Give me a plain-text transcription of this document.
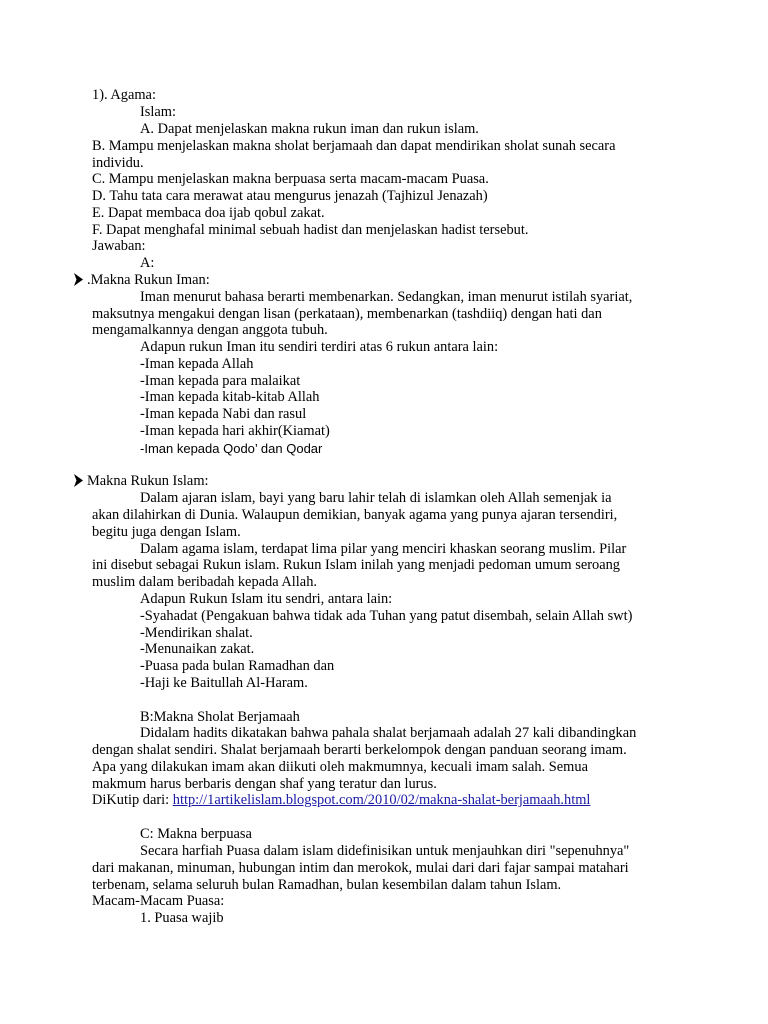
1). Agama:
Islam:
A. Dapat menjelaskan makna rukun iman dan rukun islam.
B. Mampu menjelaskan makna sholat berjamaah dan dapat mendirikan sholat sunah secara
individu.
C. Mampu menjelaskan makna berpuasa serta macam-macam Puasa.
D. Tahu tata cara merawat atau mengurus jenazah (Tajhizul Jenazah)
E. Dapat membaca doa ijab qobul zakat.
F. Dapat menghafal minimal sebuah hadist dan menjelaskan hadist tersebut.
Jawaban:
A:
.Makna Rukun Iman:
Iman menurut bahasa berarti membenarkan. Sedangkan, iman menurut istilah syariat,
maksutnya mengakui dengan lisan (perkataan), membenarkan (tashdiiq) dengan hati dan
mengamalkannya dengan anggota tubuh.
Adapun rukun Iman itu sendiri terdiri atas 6 rukun antara lain:
-Iman kepada Allah
-Iman kepada para malaikat
-Iman kepada kitab-kitab Allah
-Iman kepada Nabi dan rasul
-Iman kepada hari akhir(Kiamat)
-Iman kepada Qodo’ dan Qodar
Makna Rukun Islam:
Dalam ajaran islam, bayi yang baru lahir telah di islamkan oleh Allah semenjak ia
akan dilahirkan di Dunia. Walaupun demikian, banyak agama yang punya ajaran tersendiri,
begitu juga dengan Islam.
Dalam agama islam, terdapat lima pilar yang menciri khaskan seorang muslim. Pilar
ini disebut sebagai Rukun islam. Rukun Islam inilah yang menjadi pedoman umum seroang
muslim dalam beribadah kepada Allah.
Adapun Rukun Islam itu sendri, antara lain:
-Syahadat (Pengakuan bahwa tidak ada Tuhan yang patut disembah, selain Allah swt)
-Mendirikan shalat.
-Menunaikan zakat.
-Puasa pada bulan Ramadhan dan
-Haji ke Baitullah Al-Haram.
B:Makna Sholat Berjamaah
Didalam hadits dikatakan bahwa pahala shalat berjamaah adalah 27 kali dibandingkan
dengan shalat sendiri. Shalat berjamaah berarti berkelompok dengan panduan seorang imam.
Apa yang dilakukan imam akan diikuti oleh makmumnya, kecuali imam salah. Semua
makmum harus berbaris dengan shaf yang teratur dan lurus.
DiKutip dari: http://1artikelislam.blogspot.com/2010/02/makna-shalat-berjamaah.html
C: Makna berpuasa
Secara harfiah Puasa dalam islam didefinisikan untuk menjauhkan diri "sepenuhnya"
dari makanan, minuman, hubungan intim dan merokok, mulai dari dari fajar sampai matahari
terbenam, selama seluruh bulan Ramadhan, bulan kesembilan dalam tahun Islam.
Macam-Macam Puasa:
1. Puasa wajib
